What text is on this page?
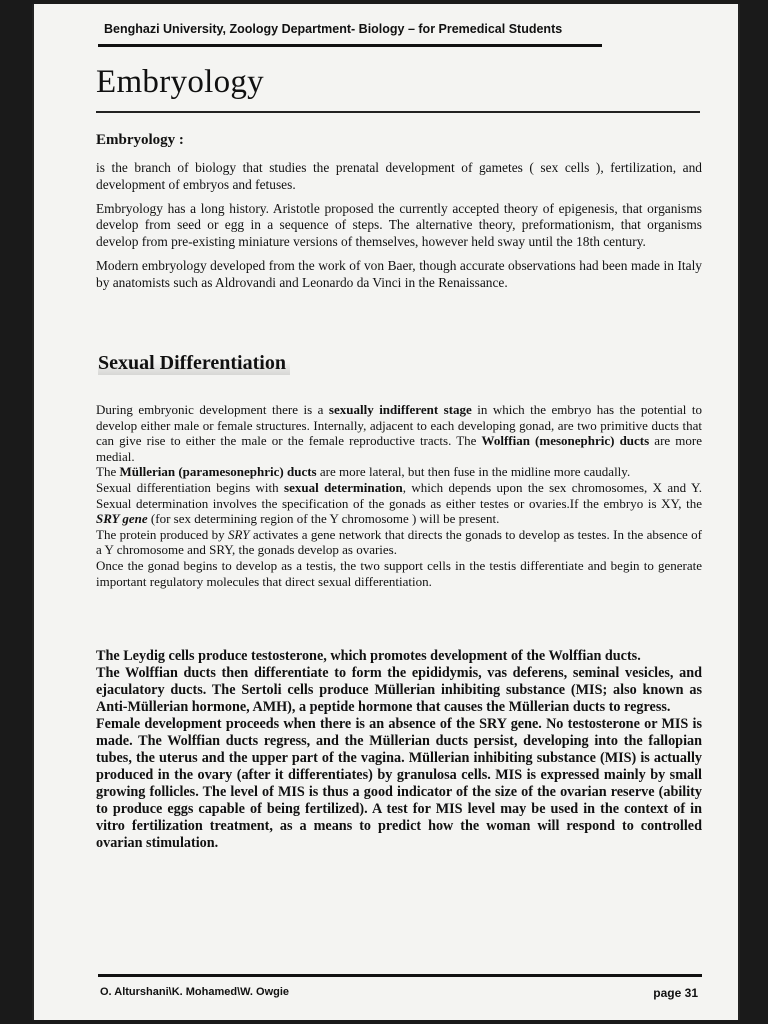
Benghazi University, Zoology Department- Biology – for Premedical Students
Embryology
Embryology :

is the branch of biology that studies the prenatal development of gametes ( sex cells ), fertilization, and development of embryos and fetuses.

Embryology has a long history. Aristotle proposed the currently accepted theory of epigenesis, that organisms develop from seed or egg in a sequence of steps. The alternative theory, preformationism, that organisms develop from pre-existing miniature versions of themselves, however held sway until the 18th century.

Modern embryology developed from the work of von Baer, though accurate observations had been made in Italy by anatomists such as Aldrovandi and Leonardo da Vinci in the Renaissance.

Sexual Differentiation

During embryonic development there is a sexually indifferent stage in which the embryo has the potential to develop either male or female structures. Internally, adjacent to each developing gonad, are two primitive ducts that can give rise to either the male or the female reproductive tracts. The Wolffian (mesonephric) ducts are more medial.

The Müllerian (paramesonephric) ducts are more lateral, but then fuse in the midline more caudally.

Sexual differentiation begins with sexual determination, which depends upon the sex chromosomes, X and Y. Sexual determination involves the specification of the gonads as either testes or ovaries.If the embryo is XY, the SRY gene (for sex determining region of the Y chromosome ) will be present.

The protein produced by SRY activates a gene network that directs the gonads to develop as testes. In the absence of a Y chromosome and SRY, the gonads develop as ovaries.

Once the gonad begins to develop as a testis, the two support cells in the testis differentiate and begin to generate important regulatory molecules that direct sexual differentiation.

The Leydig cells produce testosterone, which promotes development of the Wolffian ducts.

The Wolffian ducts then differentiate to form the epididymis, vas deferens, seminal vesicles, and ejaculatory ducts. The Sertoli cells produce Müllerian inhibiting substance (MIS; also known as Anti-Müllerian hormone, AMH), a peptide hormone that causes the Müllerian ducts to regress.

Female development proceeds when there is an absence of the SRY gene. No testosterone or MIS is made. The Wolffian ducts regress, and the Müllerian ducts persist, developing into the fallopian tubes, the uterus and the upper part of the vagina. Müllerian inhibiting substance (MIS) is actually produced in the ovary (after it differentiates) by granulosa cells. MIS is expressed mainly by small growing follicles. The level of MIS is thus a good indicator of the size of the ovarian reserve (ability to produce eggs capable of being fertilized). A test for MIS level may be used in the context of in vitro fertilization treatment, as a means to predict how the woman will respond to controlled ovarian stimulation.

O. Alturshani\K. Mohamed\W. Owgie	page 31
